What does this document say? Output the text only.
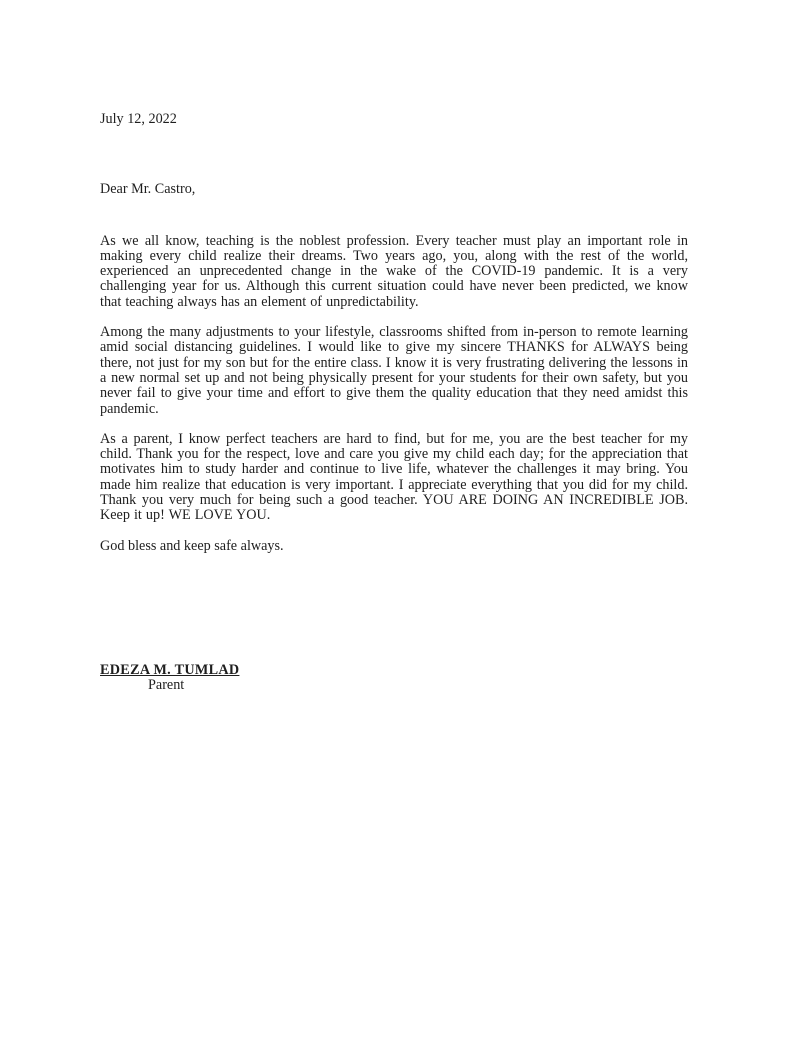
July 12, 2022

Dear Mr. Castro,

As we all know, teaching is the noblest profession. Every teacher must play an important role in making every child realize their dreams. Two years ago, you, along with the rest of the world, experienced an unprecedented change in the wake of the COVID-19 pandemic. It is a very challenging year for us. Although this current situation could have never been predicted, we know that teaching always has an element of unpredictability.

Among the many adjustments to your lifestyle, classrooms shifted from in-person to remote learning amid social distancing guidelines. I would like to give my sincere THANKS for ALWAYS being there, not just for my son but for the entire class. I know it is very frustrating delivering the lessons in a new normal set up and not being physically present for your students for their own safety, but you never fail to give your time and effort to give them the quality education that they need amidst this pandemic.

As a parent, I know perfect teachers are hard to find, but for me, you are the best teacher for my child. Thank you for the respect, love and care you give my child each day; for the appreciation that motivates him to study harder and continue to live life, whatever the challenges it may bring. You made him realize that education is very important. I appreciate everything that you did for my child. Thank you very much for being such a good teacher. YOU ARE DOING AN INCREDIBLE JOB. Keep it up! WE LOVE YOU.

God bless and keep safe always.

EDEZA M. TUMLAD

Parent
